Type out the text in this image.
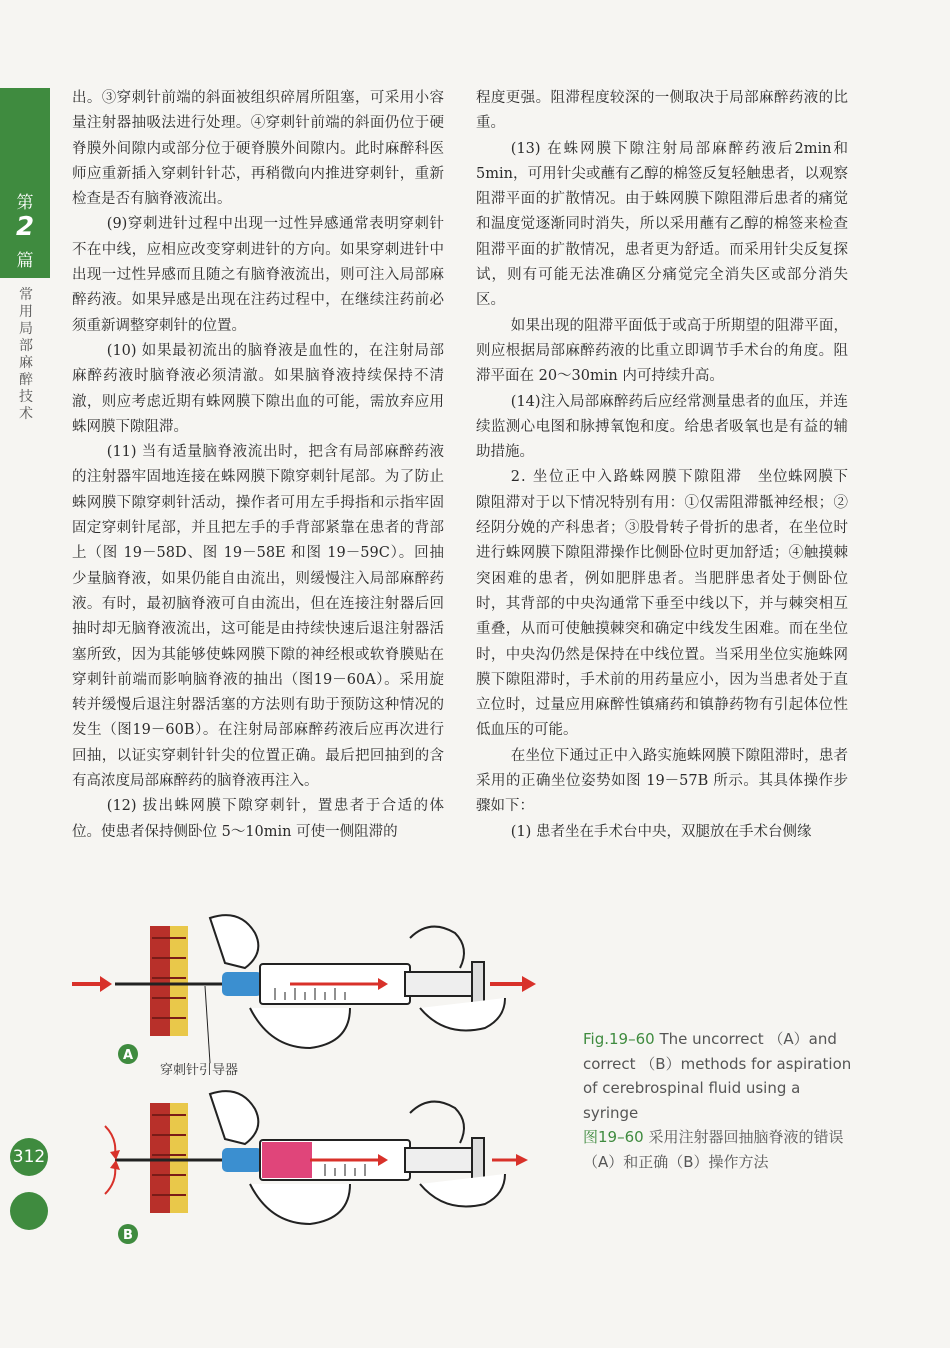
第
2
篇
常用局部麻醉技术

出。③穿刺针前端的斜面被组织碎屑所阻塞，可采用小容量注射器抽吸法进行处理。④穿刺针前端的斜面仍位于硬脊膜外间隙内或部分位于硬脊膜外间隙内。此时麻醉科医师应重新插入穿刺针针芯，再稍微向内推进穿刺针，重新检查是否有脑脊液流出。

(9)穿刺进针过程中出现一过性异感通常表明穿刺针不在中线，应相应改变穿刺进针的方向。如果穿刺进针中出现一过性异感而且随之有脑脊液流出，则可注入局部麻醉药液。如果异感是出现在注药过程中，在继续注药前必须重新调整穿刺针的位置。

(10) 如果最初流出的脑脊液是血性的，在注射局部麻醉药液时脑脊液必须清澈。如果脑脊液持续保持不清澈，则应考虑近期有蛛网膜下隙出血的可能，需放弃应用蛛网膜下隙阻滞。

(11) 当有适量脑脊液流出时，把含有局部麻醉药液的注射器牢固地连接在蛛网膜下隙穿刺针尾部。为了防止蛛网膜下隙穿刺针活动，操作者可用左手拇指和示指牢固固定穿刺针尾部，并且把左手的手背部紧靠在患者的背部上（图 19－58D、图 19－58E 和图 19－59C）。回抽少量脑脊液，如果仍能自由流出，则缓慢注入局部麻醉药液。有时，最初脑脊液可自由流出，但在连接注射器后回抽时却无脑脊液流出，这可能是由持续快速后退注射器活塞所致，因为其能够使蛛网膜下隙的神经根或软脊膜贴在穿刺针前端而影响脑脊液的抽出（图19－60A）。采用旋转并缓慢后退注射器活塞的方法则有助于预防这种情况的发生（图19－60B）。在注射局部麻醉药液后应再次进行回抽，以证实穿刺针针尖的位置正确。最后把回抽到的含有高浓度局部麻醉药的脑脊液再注入。

(12) 拔出蛛网膜下隙穿刺针，置患者于合适的体位。使患者保持侧卧位 5～10min 可使一侧阻滞的

程度更强。阻滞程度较深的一侧取决于局部麻醉药液的比重。

(13) 在蛛网膜下隙注射局部麻醉药液后2min和5min，可用针尖或蘸有乙醇的棉签反复轻触患者，以观察阻滞平面的扩散情况。由于蛛网膜下隙阻滞后患者的痛觉和温度觉逐渐同时消失，所以采用蘸有乙醇的棉签来检查阻滞平面的扩散情况，患者更为舒适。而采用针尖反复探试，则有可能无法准确区分痛觉完全消失区或部分消失区。

如果出现的阻滞平面低于或高于所期望的阻滞平面，则应根据局部麻醉药液的比重立即调节手术台的角度。阻滞平面在 20～30min 内可持续升高。

(14)注入局部麻醉药后应经常测量患者的血压，并连续监测心电图和脉搏氧饱和度。给患者吸氧也是有益的辅助措施。

2. 坐位正中入路蛛网膜下隙阻滞　 坐位蛛网膜下隙阻滞对于以下情况特别有用：①仅需阻滞骶神经根；②经阴分娩的产科患者；③股骨转子骨折的患者，在坐位时进行蛛网膜下隙阻滞操作比侧卧位时更加舒适；④触摸棘突困难的患者，例如肥胖患者。当肥胖患者处于侧卧位时，其背部的中央沟通常下垂至中线以下，并与棘突相互重叠，从而可使触摸棘突和确定中线发生困难。而在坐位时，中央沟仍然是保持在中线位置。当采用坐位实施蛛网膜下隙阻滞时，手术前的用药量应小，因为当患者处于直立位时，过量应用麻醉性镇痛药和镇静药物有引起体位性低血压的可能。

在坐位下通过正中入路实施蛛网膜下隙阻滞时，患者采用的正确坐位姿势如图 19－57B 所示。其具体操作步骤如下：

(1) 患者坐在手术台中央，双腿放在手术台侧缘

A
穿刺针引导器
B
Fig.19–60 The uncorrect （A）and correct （B）methods for aspiration of cerebrospinal fluid using a syringe
图19–60 采用注射器回抽脑脊液的错误（A）和正确（B）操作方法
312
